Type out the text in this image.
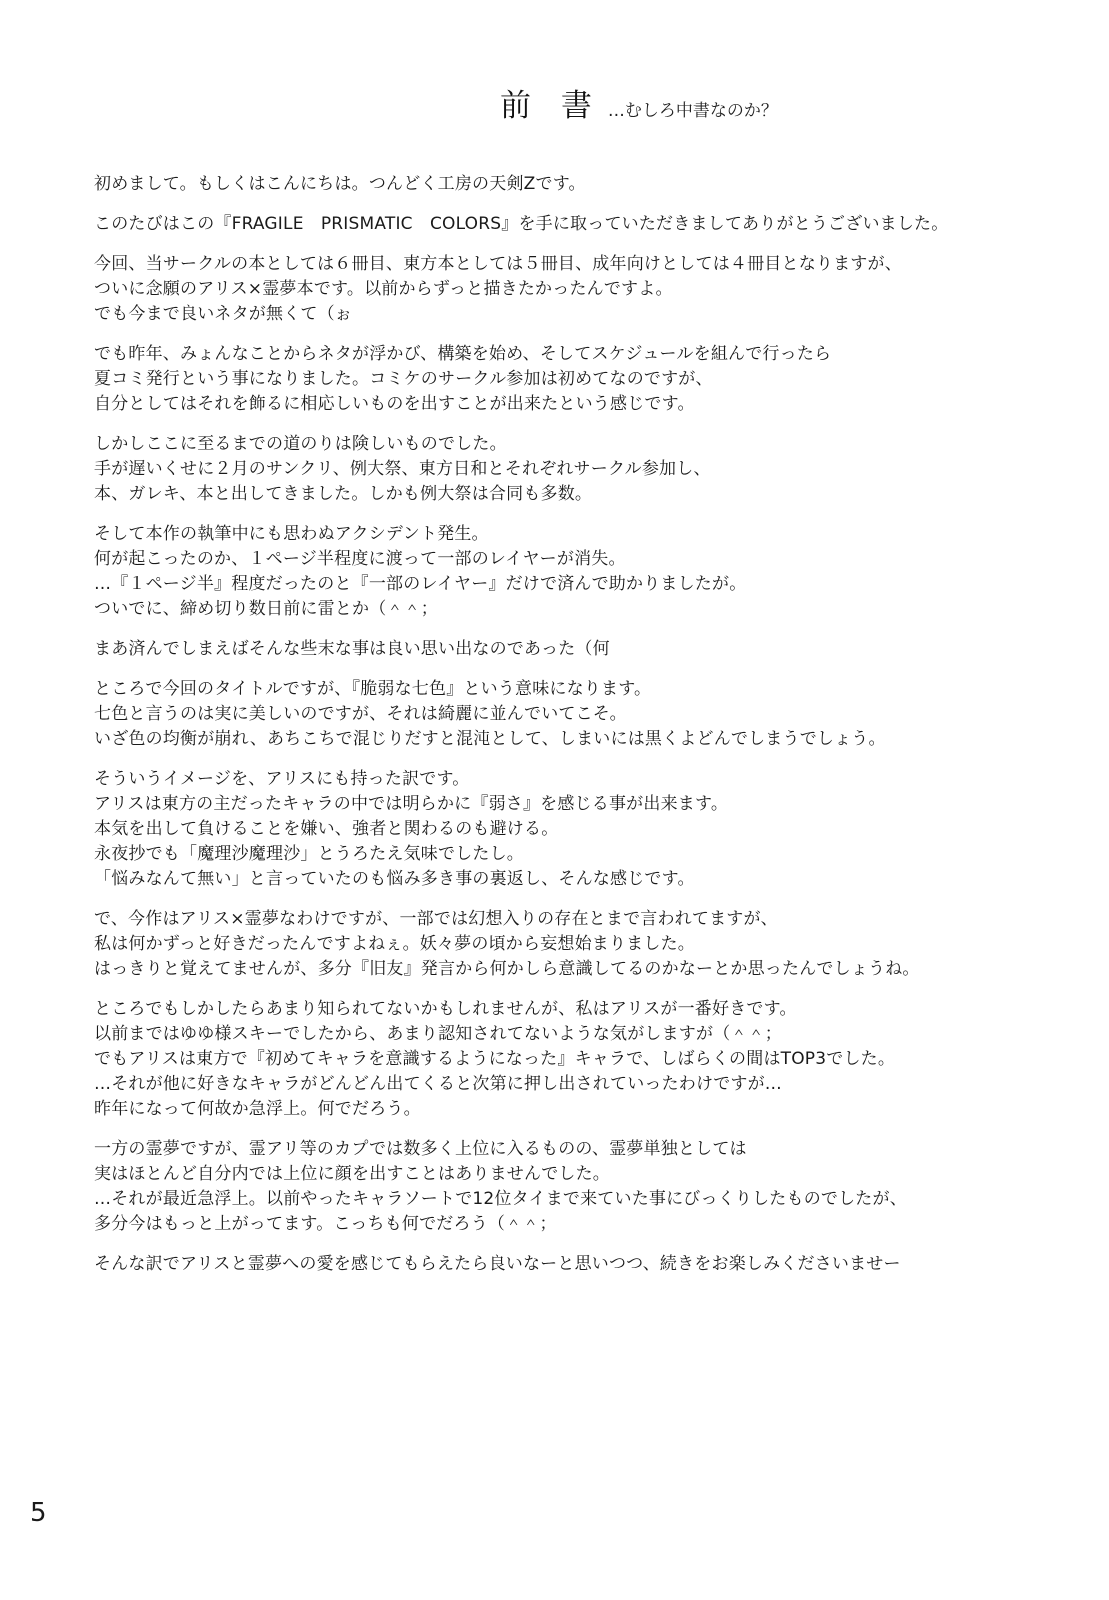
前 書 …むしろ中書なのか？
初めまして。もしくはこんにちは。つんどく工房の天剣Ζです。
このたびはこの『FRAGILE　PRISMATIC　COLORS』を手に取っていただきましてありがとうございました。
今回、当サークルの本としては６冊目、東方本としては５冊目、成年向けとしては４冊目となりますが、
ついに念願のアリス×霊夢本です。以前からずっと描きたかったんですよ。
でも今まで良いネタが無くて（ぉ
でも昨年、みょんなことからネタが浮かび、構築を始め、そしてスケジュールを組んで行ったら
夏コミ発行という事になりました。コミケのサークル参加は初めてなのですが、
自分としてはそれを飾るに相応しいものを出すことが出来たという感じです。
しかしここに至るまでの道のりは険しいものでした。
手が遅いくせに２月のサンクリ、例大祭、東方日和とそれぞれサークル参加し、
本、ガレキ、本と出してきました。しかも例大祭は合同も多数。
そして本作の執筆中にも思わぬアクシデント発生。
何が起こったのか、１ページ半程度に渡って一部のレイヤーが消失。
…『１ページ半』程度だったのと『一部のレイヤー』だけで済んで助かりましたが。
ついでに、締め切り数日前に雷とか（＾＾；
まあ済んでしまえばそんな些末な事は良い思い出なのであった（何
ところで今回のタイトルですが、『脆弱な七色』という意味になります。
七色と言うのは実に美しいのですが、それは綺麗に並んでいてこそ。
いざ色の均衡が崩れ、あちこちで混じりだすと混沌として、しまいには黒くよどんでしまうでしょう。
そういうイメージを、アリスにも持った訳です。
アリスは東方の主だったキャラの中では明らかに『弱さ』を感じる事が出来ます。
本気を出して負けることを嫌い、強者と関わるのも避ける。
永夜抄でも「魔理沙魔理沙」とうろたえ気味でしたし。
「悩みなんて無い」と言っていたのも悩み多き事の裏返し、そんな感じです。
で、今作はアリス×霊夢なわけですが、一部では幻想入りの存在とまで言われてますが、
私は何かずっと好きだったんですよねぇ。妖々夢の頃から妄想始まりました。
はっきりと覚えてませんが、多分『旧友』発言から何かしら意識してるのかなーとか思ったんでしょうね。
ところでもしかしたらあまり知られてないかもしれませんが、私はアリスが一番好きです。
以前まではゆゆ様スキーでしたから、あまり認知されてないような気がしますが（＾＾；
でもアリスは東方で『初めてキャラを意識するようになった』キャラで、しばらくの間はTOP3でした。
…それが他に好きなキャラがどんどん出てくると次第に押し出されていったわけですが…
昨年になって何故か急浮上。何でだろう。
一方の霊夢ですが、霊アリ等のカプでは数多く上位に入るものの、霊夢単独としては
実はほとんど自分内では上位に顔を出すことはありませんでした。
…それが最近急浮上。以前やったキャラソートで12位タイまで来ていた事にびっくりしたものでしたが、
多分今はもっと上がってます。こっちも何でだろう（＾＾；
そんな訳でアリスと霊夢への愛を感じてもらえたら良いなーと思いつつ、続きをお楽しみくださいませー
5
